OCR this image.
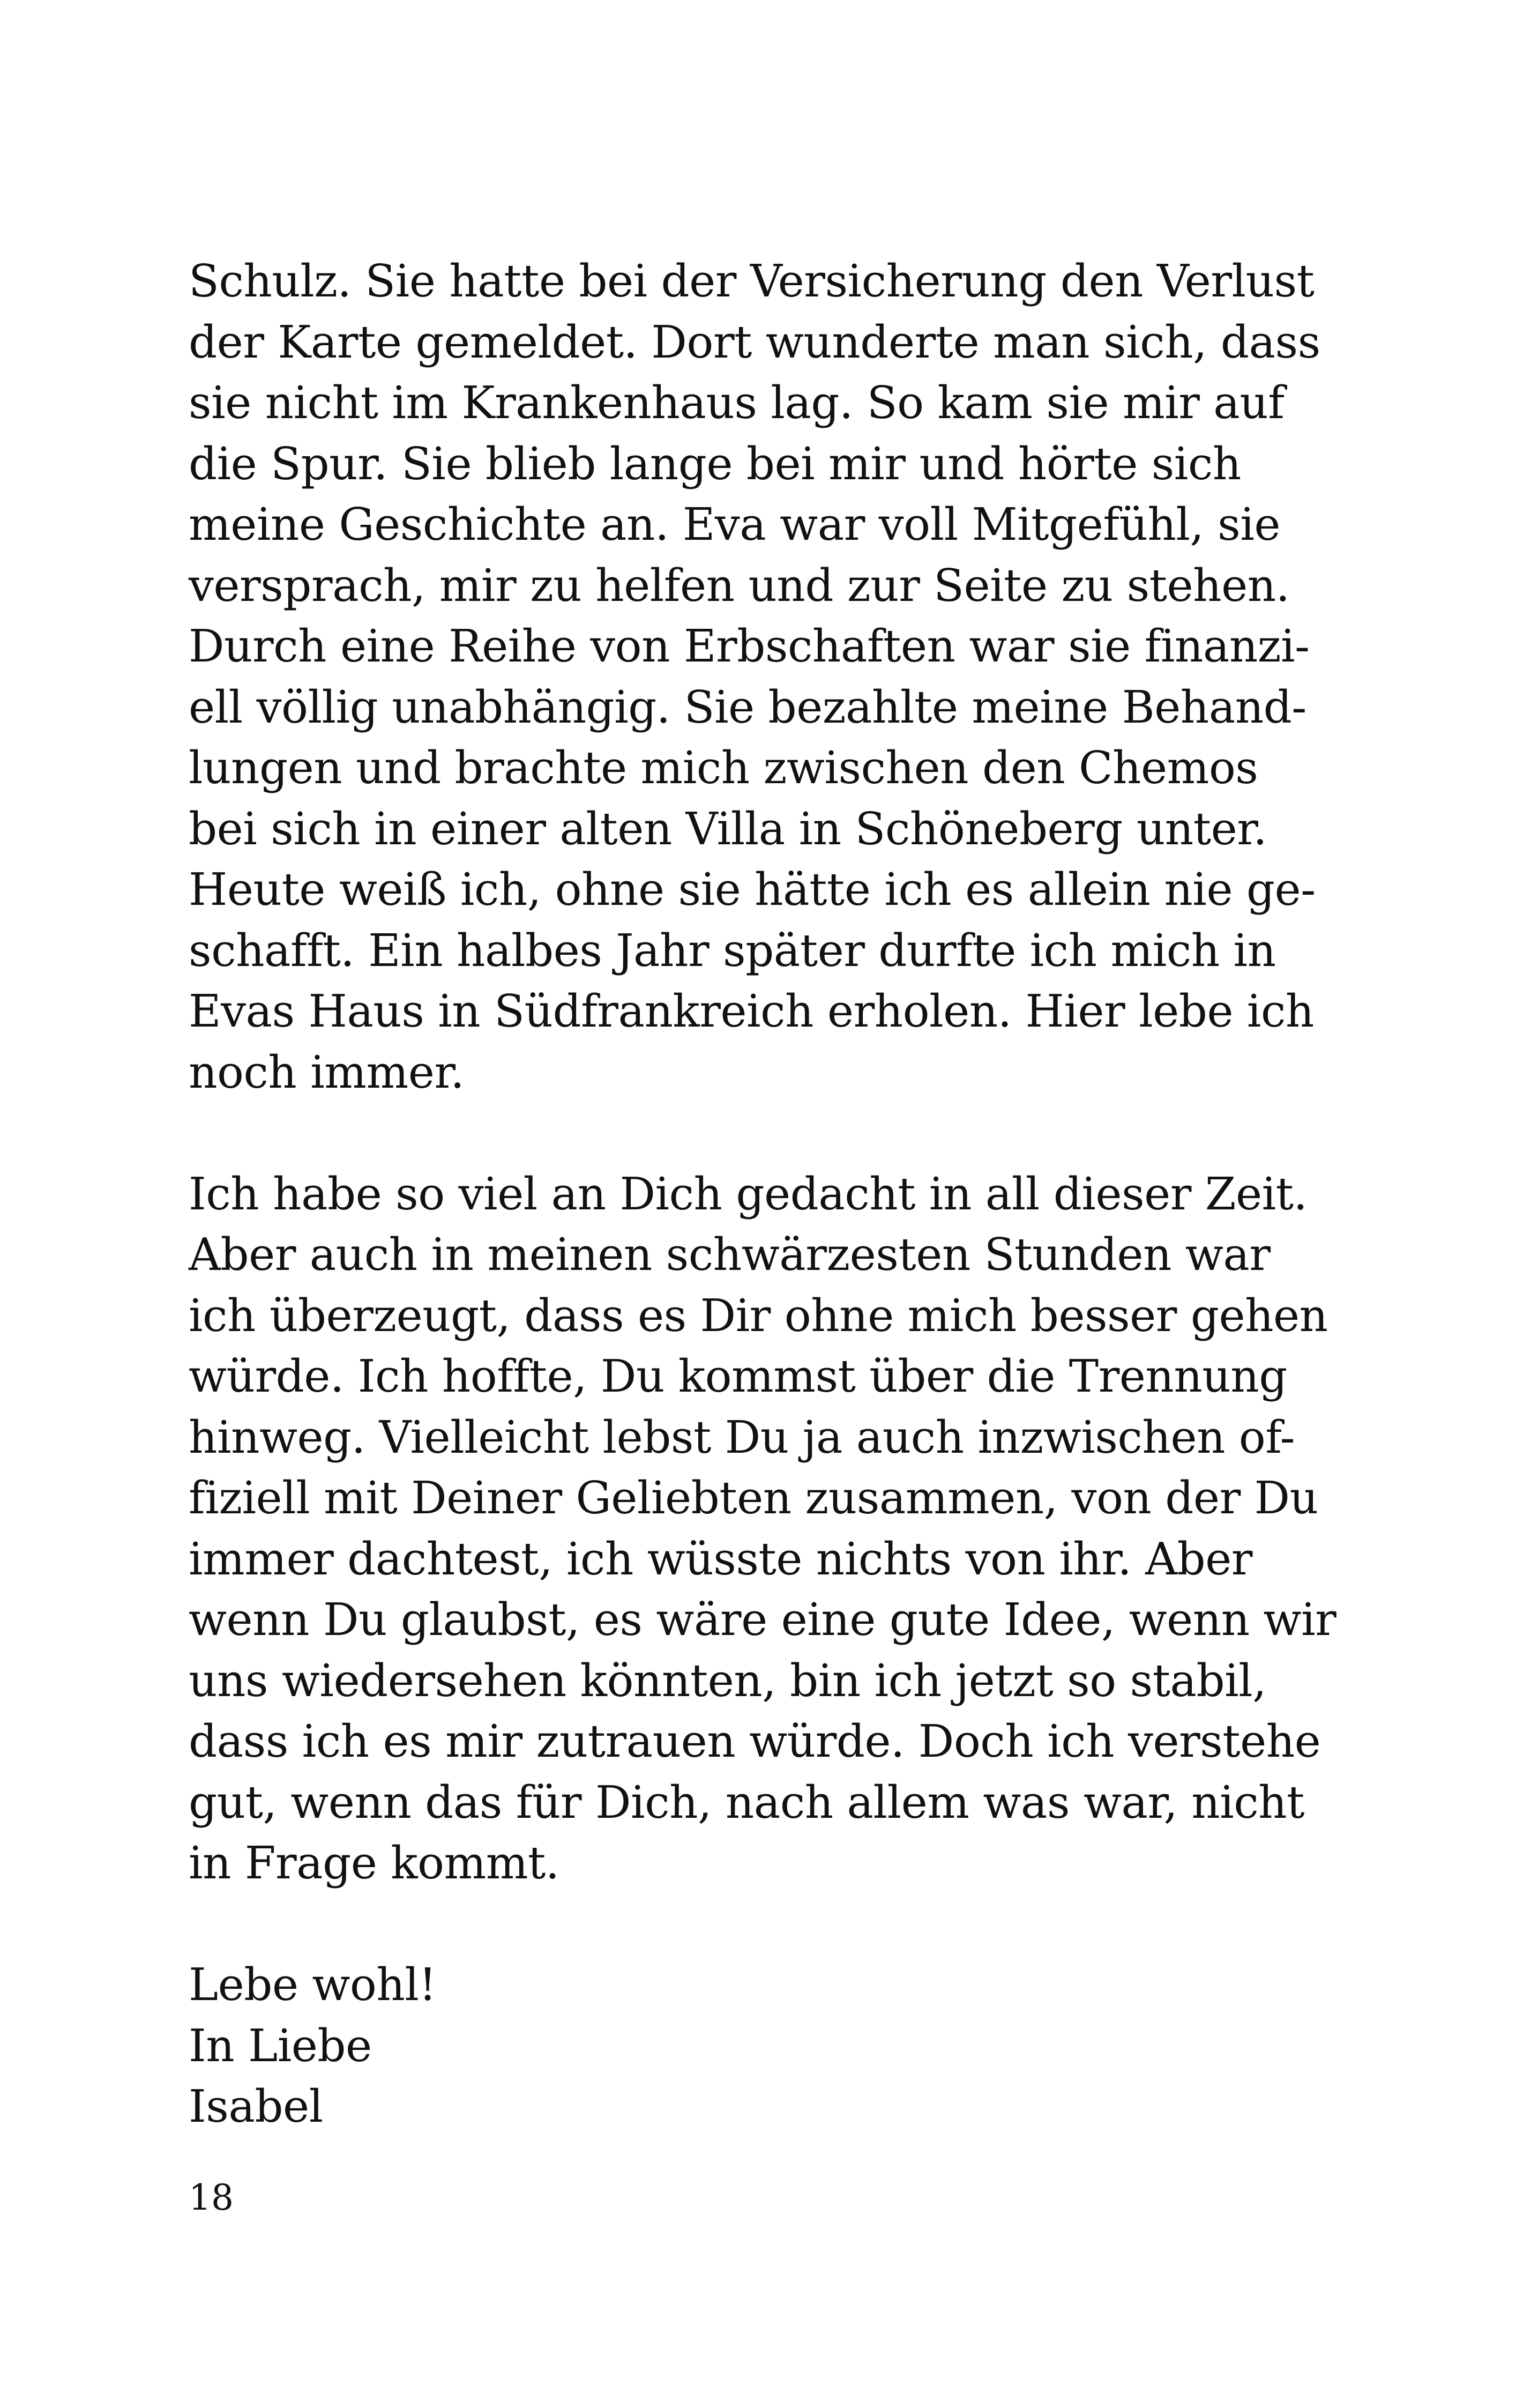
Schulz. Sie hatte bei der Versicherung den Verlust
der Karte gemeldet. Dort wunderte man sich, dass
sie nicht im Krankenhaus lag. So kam sie mir auf
die Spur. Sie blieb lange bei mir und hörte sich
meine Geschichte an. Eva war voll Mitgefühl, sie
versprach, mir zu helfen und zur Seite zu stehen.
Durch eine Reihe von Erbschaften war sie finanzi-
ell völlig unabhängig. Sie bezahlte meine Behand-
lungen und brachte mich zwischen den Chemos
bei sich in einer alten Villa in Schöneberg unter.
Heute weiß ich, ohne sie hätte ich es allein nie ge-
schafft. Ein halbes Jahr später durfte ich mich in
Evas Haus in Südfrankreich erholen. Hier lebe ich
noch immer.
Ich habe so viel an Dich gedacht in all dieser Zeit.
Aber auch in meinen schwärzesten Stunden war
ich überzeugt, dass es Dir ohne mich besser gehen
würde. Ich hoffte, Du kommst über die Trennung
hinweg. Vielleicht lebst Du ja auch inzwischen of-
fiziell mit Deiner Geliebten zusammen, von der Du
immer dachtest, ich wüsste nichts von ihr. Aber
wenn Du glaubst, es wäre eine gute Idee, wenn wir
uns wiedersehen könnten, bin ich jetzt so stabil,
dass ich es mir zutrauen würde. Doch ich verstehe
gut, wenn das für Dich, nach allem was war, nicht
in Frage kommt.
Lebe wohl!
In Liebe
Isabel
18
